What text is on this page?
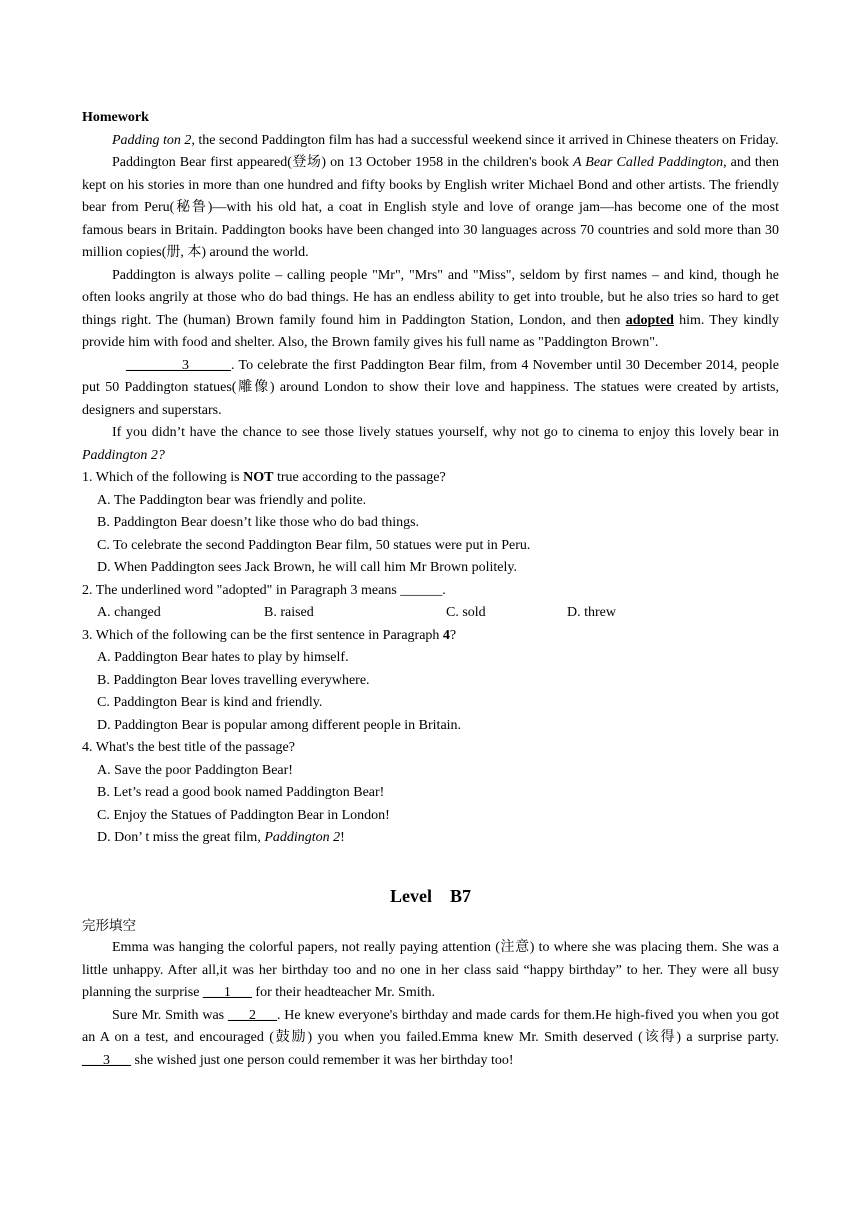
Homework

Padding ton 2, the second Paddington film has had a successful weekend since it arrived in Chinese theaters on Friday.

Paddington Bear first appeared(登场) on 13 October 1958 in the children's book A Bear Called Paddington, and then kept on his stories in more than one hundred and fifty books by English writer Michael Bond and other artists. The friendly bear from Peru(秘鲁)—with his old hat, a coat in English style and love of orange jam—has become one of the most famous bears in Britain. Paddington books have been changed into 30 languages across 70 countries and sold more than 30 million copies(册, 本) around the world.

Paddington is always polite – calling people "Mr", "Mrs" and "Miss", seldom by first names – and kind, though he often looks angrily at those who do bad things. He has an endless ability to get into trouble, but he also tries so hard to get things right. The (human) Brown family found him in Paddington Station, London, and then adopted him. They kindly provide him with food and shelter. Also, the Brown family gives his full name as "Paddington Brown".

________3______. To celebrate the first Paddington Bear film, from 4 November until 30 December 2014, people put 50 Paddington statues(雕像) around London to show their love and happiness. The statues were created by artists, designers and superstars.

If you didn’t have the chance to see those lively statues yourself, why not go to cinema to enjoy this lovely bear in Paddington 2?

1. Which of the following is NOT true according to the passage?

A. The Paddington bear was friendly and polite.

B. Paddington Bear doesn’t like those who do bad things.

C. To celebrate the second Paddington Bear film, 50 statues were put in Peru.

D. When Paddington sees Jack Brown, he will call him Mr Brown politely.

2. The underlined word "adopted" in Paragraph 3 means ______.

A. changed	B. raised	C. sold	D. threw

3. Which of the following can be the first sentence in Paragraph 4?

A. Paddington Bear hates to play by himself.

B. Paddington Bear loves travelling everywhere.

C. Paddington Bear is kind and friendly.

D. Paddington Bear is popular among different people in Britain.

4. What's the best title of the passage?

A. Save the poor Paddington Bear!

B. Let’s read a good book named Paddington Bear!

C. Enjoy the Statues of Paddington Bear in London!

D. Don’ t miss the great film, Paddington 2!

Level　B7

完形填空

Emma was hanging the colorful papers, not really paying attention (注意) to where she was placing them. She was a little unhappy. After all,it was her birthday too and no one in her class said “happy birthday” to her. They were all busy planning the surprise ___1___ for their headteacher Mr. Smith.

Sure Mr. Smith was ___2___. He knew everyone's birthday and made cards for them.He high-fived you when you got an A on a test, and encouraged (鼓励) you when you failed.Emma knew Mr. Smith deserved (该得) a surprise party. ___3___ she wished just one person could remember it was her birthday too!
